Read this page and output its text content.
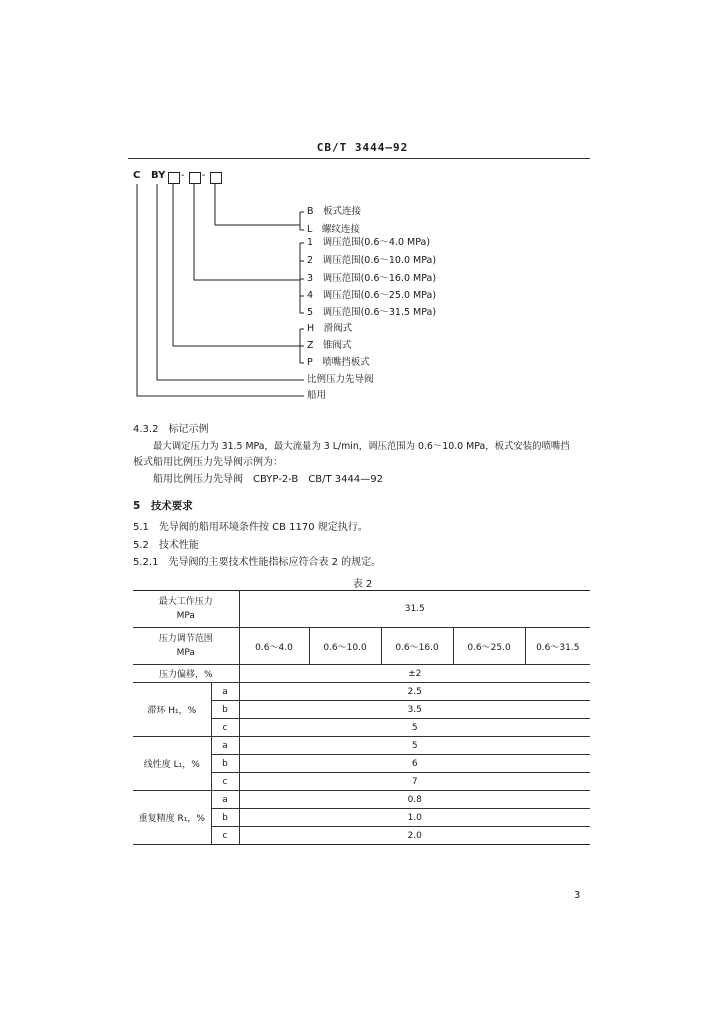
CB/T 3444—92
C BY - -
B　 板式连接
L　 螺纹连接
1　 调压范围(0.6～4.0 MPa)
2　 调压范围(0.6～10.0 MPa)
3　 调压范围(0.6～16.0 MPa)
4　 调压范围(0.6～25.0 MPa)
5　 调压范围(0.6～31.5 MPa)
H　 滑阀式
Z　 锥阀式
P　 喷嘴挡板式
比例压力先导阀
船用
4.3.2　 标记示例
最大调定压力为 31.5 MPa，最大流量为 3 L/min，调压范围为 0.6～10.0 MPa，板式安装的喷嘴挡
板式船用比例压力先导阀示例为：
船用比例压力先导阀　CBYP-2-B　CB/T 3444—92
5　 技术要求
5.1　 先导阀的船用环境条件按 CB 1170 规定执行。
5.2　 技术性能
5.2.1　 先导阀的主要技术性能指标应符合表 2 的规定。
表 2
最大工作压力
MPa		31.5				
压力调节范围
MPa		0.6～4.0	0.6～10.0	0.6～16.0	0.6～25.0	0.6～31.5
压力偏移，%		±2				
滞环 H₁，%	a	2.5				
	b	3.5				
	c	5				
线性度 L₁，%	a	5				
	b	6				
	c	7				
重复精度 R₁，%	a	0.8				
	b	1.0				
	c	2.0				
3
